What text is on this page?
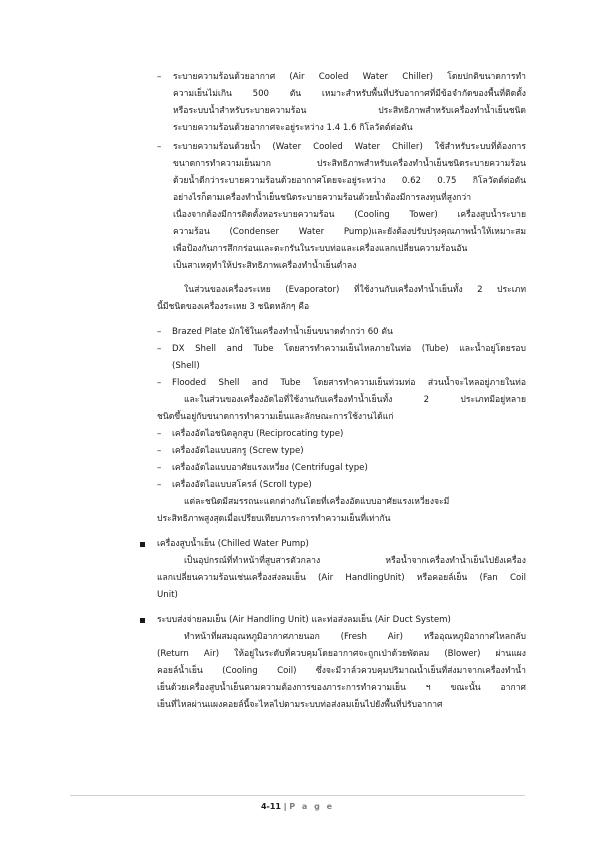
– ระบายความร้อนด้วยอากาศ (Air Cooled Water Chiller) โดยปกติขนาดการทำ
ความเย็นไม่เกิน 500 ตัน เหมาะสำหรับพื้นที่ปรับอากาศที่มีข้อจำกัดของพื้นที่ติดตั้ง
หรือระบบน้ำสำหรับระบายความร้อน ประสิทธิภาพสำหรับเครื่องทำน้ำเย็นชนิด
ระบายความร้อนด้วยอากาศจะอยู่ระหว่าง 1.4 1.6 กิโลวัตต์ต่อตัน
– ระบายความร้อนด้วยน้ำ (Water Cooled Water Chiller) ใช้สำหรับระบบที่ต้องการ
ขนาดการทำความเย็นมาก ประสิทธิภาพสำหรับเครื่องทำน้ำเย็นชนิดระบายความร้อน
ด้วยน้ำดีกว่าระบายความร้อนด้วยอากาศโดยจะอยู่ระหว่าง 0.62 0.75 กิโลวัตต์ต่อตัน
อย่างไรก็ตามเครื่องทำน้ำเย็นชนิดระบายความร้อนด้วยน้ำต้องมีการลงทุนที่สูงกว่า
เนื่องจากต้องมีการติดตั้งหอระบายความร้อน (Cooling Tower) เครื่องสูบน้ำระบาย
ความร้อน (Condenser Water Pump)และยังต้องปรับปรุงคุณภาพน้ำให้เหมาะสม
เพื่อป้องกันการสึกกร่อนและตะกรันในระบบท่อและเครื่องแลกเปลี่ยนความร้อนอัน
เป็นสาเหตุทำให้ประสิทธิภาพเครื่องทำน้ำเย็นต่ำลง
ในส่วนของเครื่องระเหย (Evaporator) ที่ใช้งานกับเครื่องทำน้ำเย็นทั้ง 2 ประเภท
นี้มีชนิดของเครื่องระเหย 3 ชนิดหลักๆ คือ
– Brazed Plate มักใช้ในเครื่องทำน้ำเย็นขนาดต่ำกว่า 60 ตัน
– DX Shell and Tube โดยสารทำความเย็นไหลภายในท่อ (Tube) และน้ำอยู่โดยรอบ
(Shell)
– Flooded Shell and Tube โดยสารทำความเย็นท่วมท่อ ส่วนน้ำจะไหลอยู่ภายในท่อ
และในส่วนของเครื่องอัดไอที่ใช้งานกับเครื่องทำน้ำเย็นทั้ง 2 ประเภทมีอยู่หลาย
ชนิดขึ้นอยู่กับขนาดการทำความเย็นและลักษณะการใช้งานได้แก่
– เครื่องอัดไอชนิดลูกสูบ (Reciprocating type)
– เครื่องอัดไอแบบสกรู (Screw type)
– เครื่องอัดไอแบบอาศัยแรงเหวี่ยง (Centrifugal type)
– เครื่องอัดไอแบบสโครล์ (Scroll type)
แต่ละชนิดมีสมรรถนะแตกต่างกันโดยที่เครื่องอัดแบบอาศัยแรงเหวี่ยงจะมี
ประสิทธิภาพสูงสุดเมื่อเปรียบเทียบภาระการทำความเย็นที่เท่ากัน
เครื่องสูบน้ำเย็น (Chilled Water Pump)
เป็นอุปกรณ์ที่ทำหน้าที่สูบสารตัวกลาง หรือน้ำจากเครื่องทำน้ำเย็นไปยังเครื่อง
แลกเปลี่ยนความร้อนเช่นเครื่องส่งลมเย็น (Air HandlingUnit) หรือคอยล์เย็น (Fan Coil
Unit)
ระบบส่งจ่ายลมเย็น (Air Handling Unit) และท่อส่งลมเย็น (Air Duct System)
ทำหน้าที่ผสมอุณหภูมิอากาศภายนอก (Fresh Air) หรืออุณหภูมิอากาศไหลกลับ
(Return Air) ให้อยู่ในระดับที่ควบคุมโดยอากาศจะถูกเป่าด้วยพัดลม (Blower) ผ่านแผง
คอยล์น้ำเย็น (Cooling Coil) ซึ่งจะมีวาล์วควบคุมปริมาณน้ำเย็นที่ส่งมาจากเครื่องทำน้ำ
เย็นด้วยเครื่องสูบน้ำเย็นตามความต้องการของภาระการทำความเย็น ฯ ขณะนั้น อากาศ
เย็นที่ไหลผ่านแผงคอยล์นี้จะไหลไปตามระบบท่อส่งลมเย็นไปยังพื้นที่ปรับอากาศ
4-11 | P a g e
